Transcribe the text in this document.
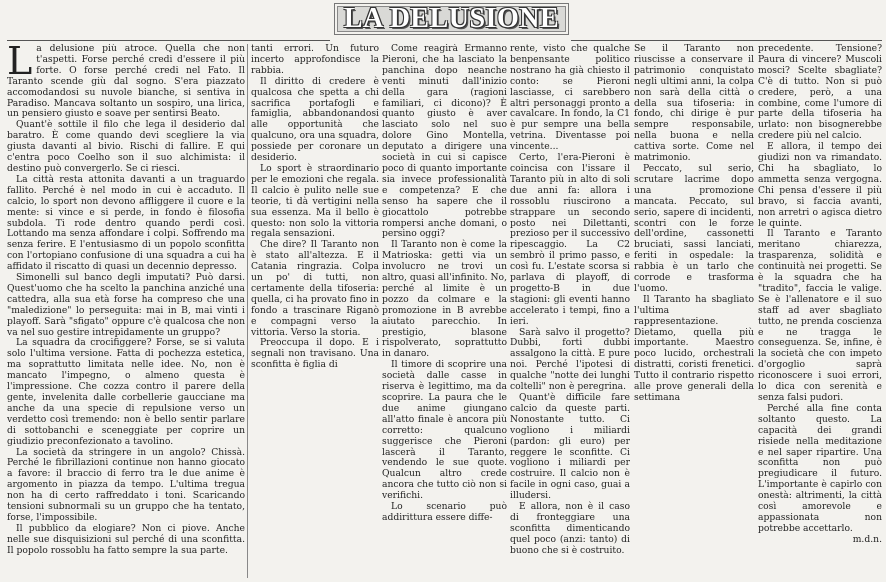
LA DELUSIONE

La delusione più atroce. Quella che non t'aspetti. Forse perché credi d'essere il più forte. O forse perché credi nel Fato. Il Taranto scende giù dal sogno. S'era piazzato accomodandosi su nuvole bianche, si sentiva in Paradiso. Mancava soltanto un sospiro, una lirica, un pensiero giusto e soave per sentirsi Beato.

Quant'è sottile il filo che lega il desiderio dal baratro. È come quando devi scegliere la via giusta davanti al bivio. Rischi di fallire. E qui c'entra poco Coelho son il suo alchimista: il destino può convergerlo. Se ci riesci.

La città resta attonita davanti a un traguardo fallito. Perché è nel modo in cui è accaduto. Il calcio, lo sport non devono affliggere il cuore e la mente: si vince e si perde, in fondo è filosofia subdola. Ti rode dentro quando perdi così. Lottando ma senza affondare i colpi. Soffrendo ma senza ferire. E l'entusiasmo di un popolo sconfitta con l'ortopiano confusione di una squadra a cui ha affidato il riscatto di quasi un decennio depresso.

Simonelli sul banco degli imputati? Può darsi. Quest'uomo che ha scelto la panchina anziché una cattedra, alla sua età forse ha compreso che una "maledizione" lo perseguita: mai in B, mai vinti i playoff. Sarà "sfigato" oppure c'è qualcosa che non va nel suo gestire intrepidamente un gruppo?

La squadra da crocifiggere? Forse, se si valuta solo l'ultima versione. Fatta di pochezza estetica, ma soprattutto limitata nelle idee. No, non è mancato l'impegno, o almeno questa è l'impressione. Che cozza contro il parere della gente, invelenita dalle corbellerie gaucciane ma anche da una specie di repulsione verso un verdetto così tremendo: non è bello sentir parlare di sottobanchi e sceneggiate per coprire un giudizio preconfezionato a tavolino.

La società da stringere in un angolo? Chissà. Perché le fibrillazioni continue non hanno giocato a favore: il braccio di ferro tra le due anime è argomento in piazza da tempo. L'ultima tregua non ha di certo raffreddato i toni. Scaricando tensioni subnormali su un gruppo che ha tentato, forse, l'impossibile.

Il pubblico da elogiare? Non ci piove. Anche nelle sue disquisizioni sul perché di una sconfitta. Il popolo rossoblu ha fatto sempre la sua parte.

tanti errori. Un futuro incerto approfondisce la rabbia.

Il diritto di credere è qualcosa che spetta a chi sacrifica portafogli e famiglia, abbandonandosi alle opportunità che qualcuno, ora una squadra, possiede per coronare un desiderio.

Lo sport è straordinario per le emozioni che regala. Il calcio è pulito nelle sue teorie, ti dà vertigini nella sua essenza. Ma il bello è questo: non solo la vittoria regala sensazioni.

Che dire? Il Taranto non è stato all'altezza. E il Catania ringrazia. Colpa un po' di tutti, non certamente della tifoseria: quella, ci ha provato fino in fondo a trascinare Riganò e compagni verso la vittoria. Verso la storia.

Preoccupa il dopo. E i segnali non travisano. Una sconfitta è figlia di

Come reagirà Ermanno Pieroni, che ha lasciato la panchina dopo neanche venti minuti dall'inizio della gara (ragioni familiari, ci dicono)? È quanto giusto è aver lasciato solo nel suo dolore Gino Montella, deputato a dirigere una società in cui si capisce poco di quanto importante sia invece professionalità e competenza? E che senso ha sapere che il giocattolo potrebbe rompersi anche domani, o persino oggi?

Il Taranto non è come la Matrioska: getti via un involucro ne trovi un altro, quasi all'infinito. No, perché al limite è un pozzo da colmare e la promozione in B avrebbe aiutato parecchio. In prestigio, blasone rispolverato, soprattutto in danaro.

Il timore di scoprire una società dalle casse in riserva è legittimo, ma da scoprire. La paura che le due anime giungano all'atto finale è ancora più corretto: qualcuno suggerisce che Pieroni lascerà il Taranto, vendendo le sue quote. Qualcun altro crede ancora che tutto ciò non si verifichi.

Lo scenario può addirittura essere diffe-

rente, visto che qualche benpensante politico nostrano ha già chiesto il conto: se Pieroni lasciasse, ci sarebbero altri personaggi pronto a cavalcare. In fondo, la C1 è pur sempre una bella vetrina. Diventasse poi vincente...

Certo, l'era-Pieroni è coincisa con l'issare il Taranto più in alto di soli due anni fa: allora i rossoblu riuscirono a strappare un secondo posto nei Dilettanti, prezioso per il successivo ripescaggio. La C2 sembrò il primo passo, e così fu. L'estate scorsa si parlava di playoff, di progetto-B in due stagioni: gli eventi hanno accelerato i tempi, fino a ieri.

Sarà salvo il progetto? Dubbi, forti dubbi assalgono la città. E pure noi. Perché l'ipotesi di qualche "notte dei lunghi coltelli" non è peregrina.

Quant'è difficile fare calcio da queste parti. Nonostante tutto. Ci vogliono i miliardi (pardon: gli euro) per reggere le sconfitte. Ci vogliono i miliardi per costruire. Il calcio non è facile in ogni caso, guai a illudersi.

E allora, non è il caso di fronteggiare una sconfitta dimenticando quel poco (anzi: tanto) di buono che si è costruito.

Se il Taranto non riuscisse a conservare il patrimonio conquistato negli ultimi anni, la colpa non sarà della città o della sua tifoseria: in fondo, chi dirige è pur sempre responsabile, nella buona e nella cattiva sorte. Come nel matrimonio.

Peccato, sul serio, scrutare lacrime dopo una promozione mancata. Peccato, sul serio, sapere di incidenti, scontri con le forze dell'ordine, cassonetti bruciati, sassi lanciati, feriti in ospedale: la rabbia è un tarlo che corrode e trasforma l'uomo.

Il Taranto ha sbagliato l'ultima rappresentazione. Dietamo, quella più importante. Maestro poco lucido, orchestrali distratti, coristi frenetici. Tutto il contrario rispetto alle prove generali della settimana

precedente. Tensione? Paura di vincere? Muscoli mosci? Scelte sbagliate? C'è di tutto. Non si può credere, però, a una combine, come l'umore di parte della tifoseria ha urlato: non bisognerebbe credere più nel calcio.

E allora, il tempo dei giudizi non va rimandato. Chi ha sbagliato, lo ammetta senza vergogna. Chi pensa d'essere il più bravo, si faccia avanti, non arretri o agisca dietro le quinte.

Il Taranto e Taranto meritano chiarezza, trasparenza, solidità e continuità nei progetti. Se è la squadra che ha "tradito", faccia le valige. Se è l'allenatore e il suo staff ad aver sbagliato tutto, ne prenda coscienza e ne tragga le conseguenza. Se, infine, è la società che con impeto d'orgoglio saprà riconoscere i suoi errori, lo dica con serenità e senza falsi pudori.

Perché alla fine conta soltanto questo. La capacità dei grandi risiede nella meditazione e nel saper ripartire. Una sconfitta non può pregiudicare il futuro. L'importante è capirlo con onestà: altrimenti, la città così amorevole e appassionata non potrebbe accettarlo.

m.d.n.
